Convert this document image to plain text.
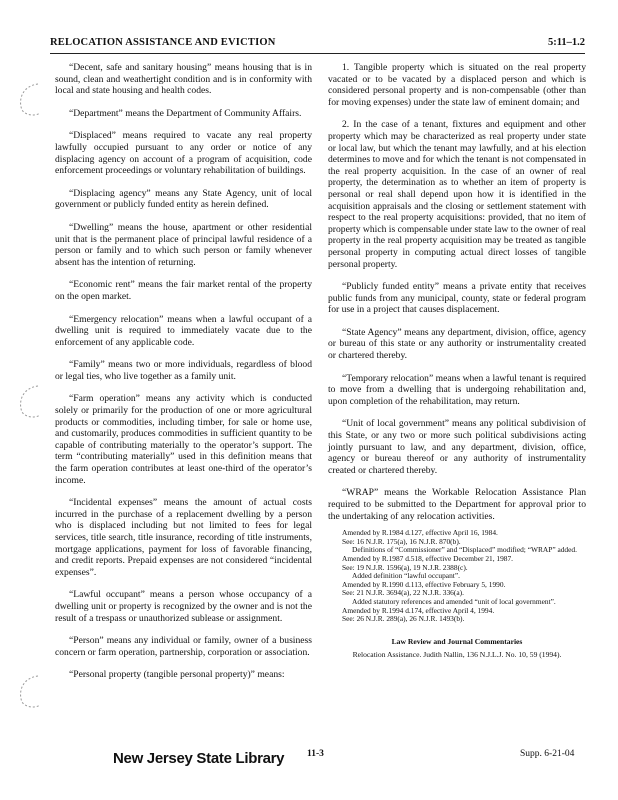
RELOCATION ASSISTANCE AND EVICTION	5:11–1.2

“Decent, safe and sanitary housing” means housing that is in sound, clean and weathertight condition and is in conformity with local and state housing and health codes.

“Department” means the Department of Community Affairs.

“Displaced” means required to vacate any real property lawfully occupied pursuant to any order or notice of any displacing agency on account of a program of acquisition, code enforcement proceedings or voluntary rehabilitation of buildings.

“Displacing agency” means any State Agency, unit of local government or publicly funded entity as herein defined.

“Dwelling” means the house, apartment or other residential unit that is the permanent place of principal lawful residence of a person or family and to which such person or family whenever absent has the intention of returning.

“Economic rent” means the fair market rental of the property on the open market.

“Emergency relocation” means when a lawful occupant of a dwelling unit is required to immediately vacate due to the enforcement of any applicable code.

“Family” means two or more individuals, regardless of blood or legal ties, who live together as a family unit.

“Farm operation” means any activity which is conducted solely or primarily for the production of one or more agricultural products or commodities, including timber, for sale or home use, and customarily, produces commodities in sufficient quantity to be capable of contributing materially to the operator’s support. The term “contributing materially” used in this definition means that the farm operation contributes at least one-third of the operator’s income.

“Incidental expenses” means the amount of actual costs incurred in the purchase of a replacement dwelling by a person who is displaced including but not limited to fees for legal services, title search, title insurance, recording of title instruments, mortgage applications, payment for loss of favorable financing, and credit reports. Prepaid expenses are not considered “incidental expenses”.

“Lawful occupant” means a person whose occupancy of a dwelling unit or property is recognized by the owner and is not the result of a trespass or unauthorized sublease or assignment.

“Person” means any individual or family, owner of a business concern or farm operation, partnership, corporation or association.

“Personal property (tangible personal property)” means:

1. Tangible property which is situated on the real property vacated or to be vacated by a displaced person and which is considered personal property and is non-compensable (other than for moving expenses) under the state law of eminent domain; and

2. In the case of a tenant, fixtures and equipment and other property which may be characterized as real property under state or local law, but which the tenant may lawfully, and at his election determines to move and for which the tenant is not compensated in the real property acquisition. In the case of an owner of real property, the determination as to whether an item of property is personal or real shall depend upon how it is identified in the acquisition appraisals and the closing or settlement statement with respect to the real property acquisitions: provided, that no item of property which is compensable under state law to the owner of real property in the real property acquisition may be treated as tangible personal property in computing actual direct losses of tangible personal property.

“Publicly funded entity” means a private entity that receives public funds from any municipal, county, state or federal program for use in a project that causes displacement.

“State Agency” means any department, division, office, agency or bureau of this state or any authority or instrumentality created or chartered thereby.

“Temporary relocation” means when a lawful tenant is required to move from a dwelling that is undergoing rehabilitation and, upon completion of the rehabilitation, may return.

“Unit of local government” means any political subdivision of this State, or any two or more such political subdivisions acting jointly pursuant to law, and any department, division, office, agency or bureau thereof or any authority of instrumentality created or chartered thereby.

“WRAP” means the Workable Relocation Assistance Plan required to be submitted to the Department for approval prior to the undertaking of any relocation activities.

Amended by R.1984 d.127, effective April 16, 1984.

See: 16 N.J.R. 175(a), 16 N.J.R. 870(b).

Definitions of “Commissioner” and “Displaced” modified; “WRAP” added.

Amended by R.1987 d.518, effective December 21, 1987.

See: 19 N.J.R. 1596(a), 19 N.J.R. 2388(c).

Added definition “lawful occupant”.

Amended by R.1990 d.113, effective February 5, 1990.

See: 21 N.J.R. 3694(a), 22 N.J.R. 336(a).

Added statutory references and amended “unit of local government”.

Amended by R.1994 d.174, effective April 4, 1994.

See: 26 N.J.R. 289(a), 26 N.J.R. 1493(b).

Law Review and Journal Commentaries
Relocation Assistance. Judith Nallin, 136 N.J.L.J. No. 10, 59 (1994).
New Jersey State Library 11-3	Supp. 6-21-04
